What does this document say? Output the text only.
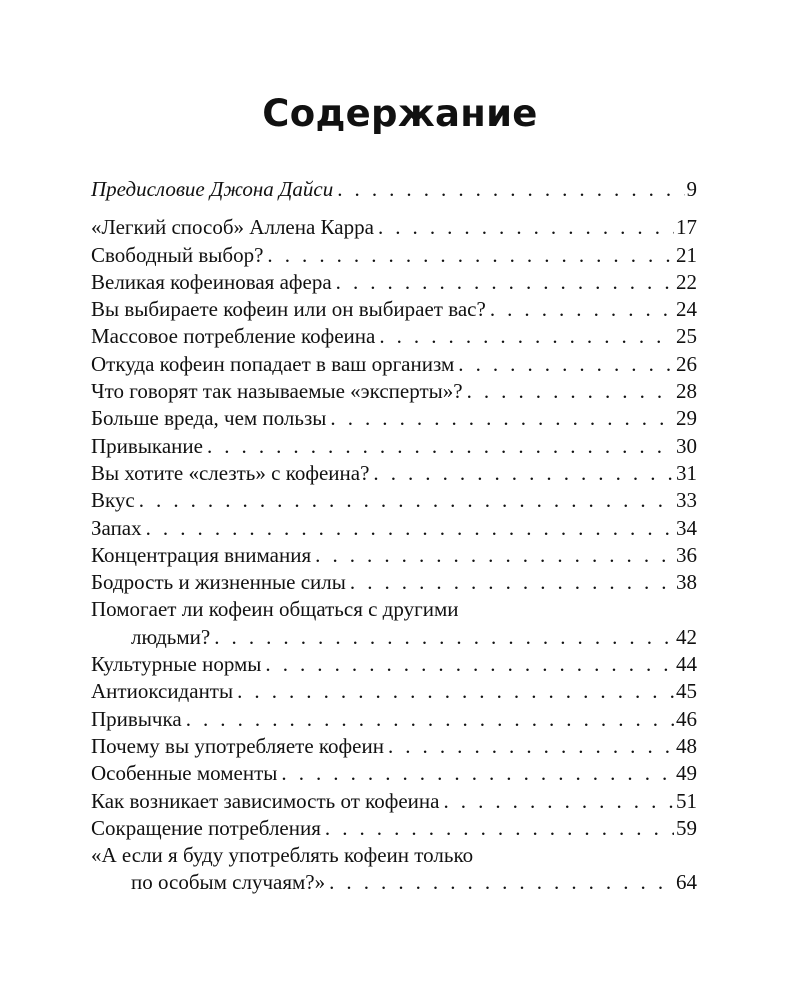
Содержание
Предисловие Джона Дайси . . .	9
«Легкий способ» Аллена Карра . . .	17
Свободный выбор? . . .	21
Великая кофеиновая афера . . .	22
Вы выбираете кофеин или он выбирает вас? . . .	24
Массовое потребление кофеина . . .	25
Откуда кофеин попадает в ваш организм . . .	26
Что говорят так называемые «эксперты»? . . .	28
Больше вреда, чем пользы . . .	29
Привыкание . . .	30
Вы хотите «слезть» с кофеина? . . .	31
Вкус . . .	33
Запах . . .	34
Концентрация внимания . . .	36
Бодрость и жизненные силы . . .	38
Помогает ли кофеин общаться с другими
людьми? . . .	42
Культурные нормы . . .	44
Антиоксиданты . . .	45
Привычка . . .	46
Почему вы употребляете кофеин . . .	48
Особенные моменты . . .	49
Как возникает зависимость от кофеина . . .	51
Сокращение потребления . . .	59
«А если я буду употреблять кофеин только
по особым случаям?» . . .	64
